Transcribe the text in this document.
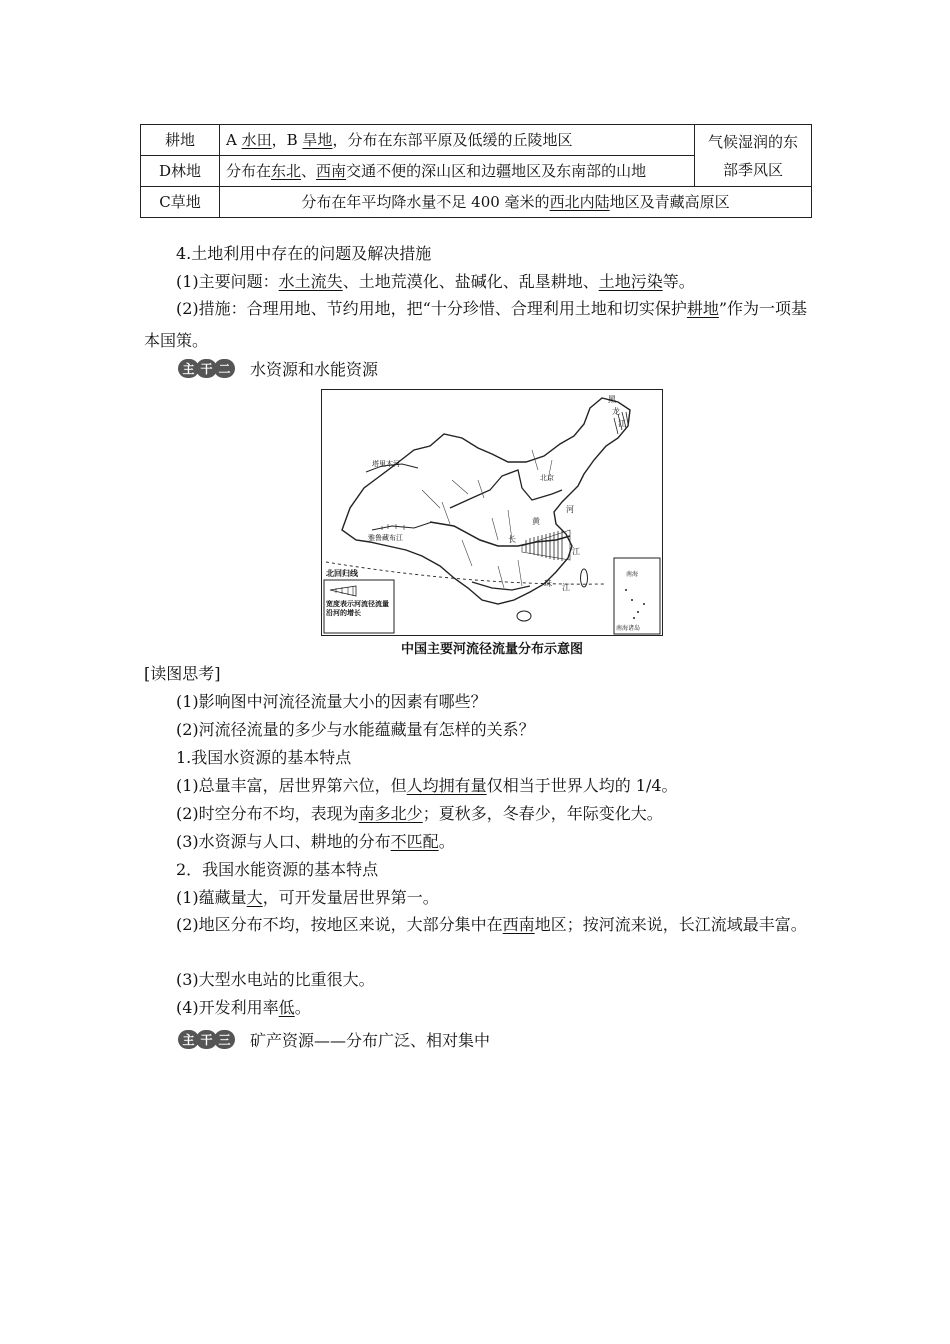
耕地	A 水田，B 旱地，分布在东部平原及低缓的丘陵地区	气候湿润的东部季风区
D林地	分布在东北、西南交通不便的深山区和边疆地区及东南部的山地	
C草地	分布在年平均降水量不足 400 毫米的西北内陆地区及青藏高原区	
4.土地利用中存在的问题及解决措施
(1)主要问题：水土流失、土地荒漠化、盐碱化、乱垦耕地、土地污染等。
(2)措施：合理用地、节约用地，把“十分珍惜、合理利用土地和切实保护耕地”作为一项基本国策。
主 干 二 水资源和水能资源
黑
龙
江
塔里木河
雅鲁藏布江
北京
河
黄
长
江
珠 江
北回归线	南海
南海诸岛
宽度表示河流径流量沿河的增长
中国主要河流径流量分布示意图
[读图思考]
(1)影响图中河流径流量大小的因素有哪些？
(2)河流径流量的多少与水能蕴藏量有怎样的关系？
1.我国水资源的基本特点
(1)总量丰富，居世界第六位，但人均拥有量仅相当于世界人均的 1/4。
(2)时空分布不均，表现为南多北少；夏秋多，冬春少，年际变化大。
(3)水资源与人口、耕地的分布不匹配。
2．我国水能资源的基本特点
(1)蕴藏量大，可开发量居世界第一。
(2)地区分布不均，按地区来说，大部分集中在西南地区；按河流来说，长江流域最丰富。
(3)大型水电站的比重很大。
(4)开发利用率低。
主 干 三 矿产资源——分布广泛、相对集中
